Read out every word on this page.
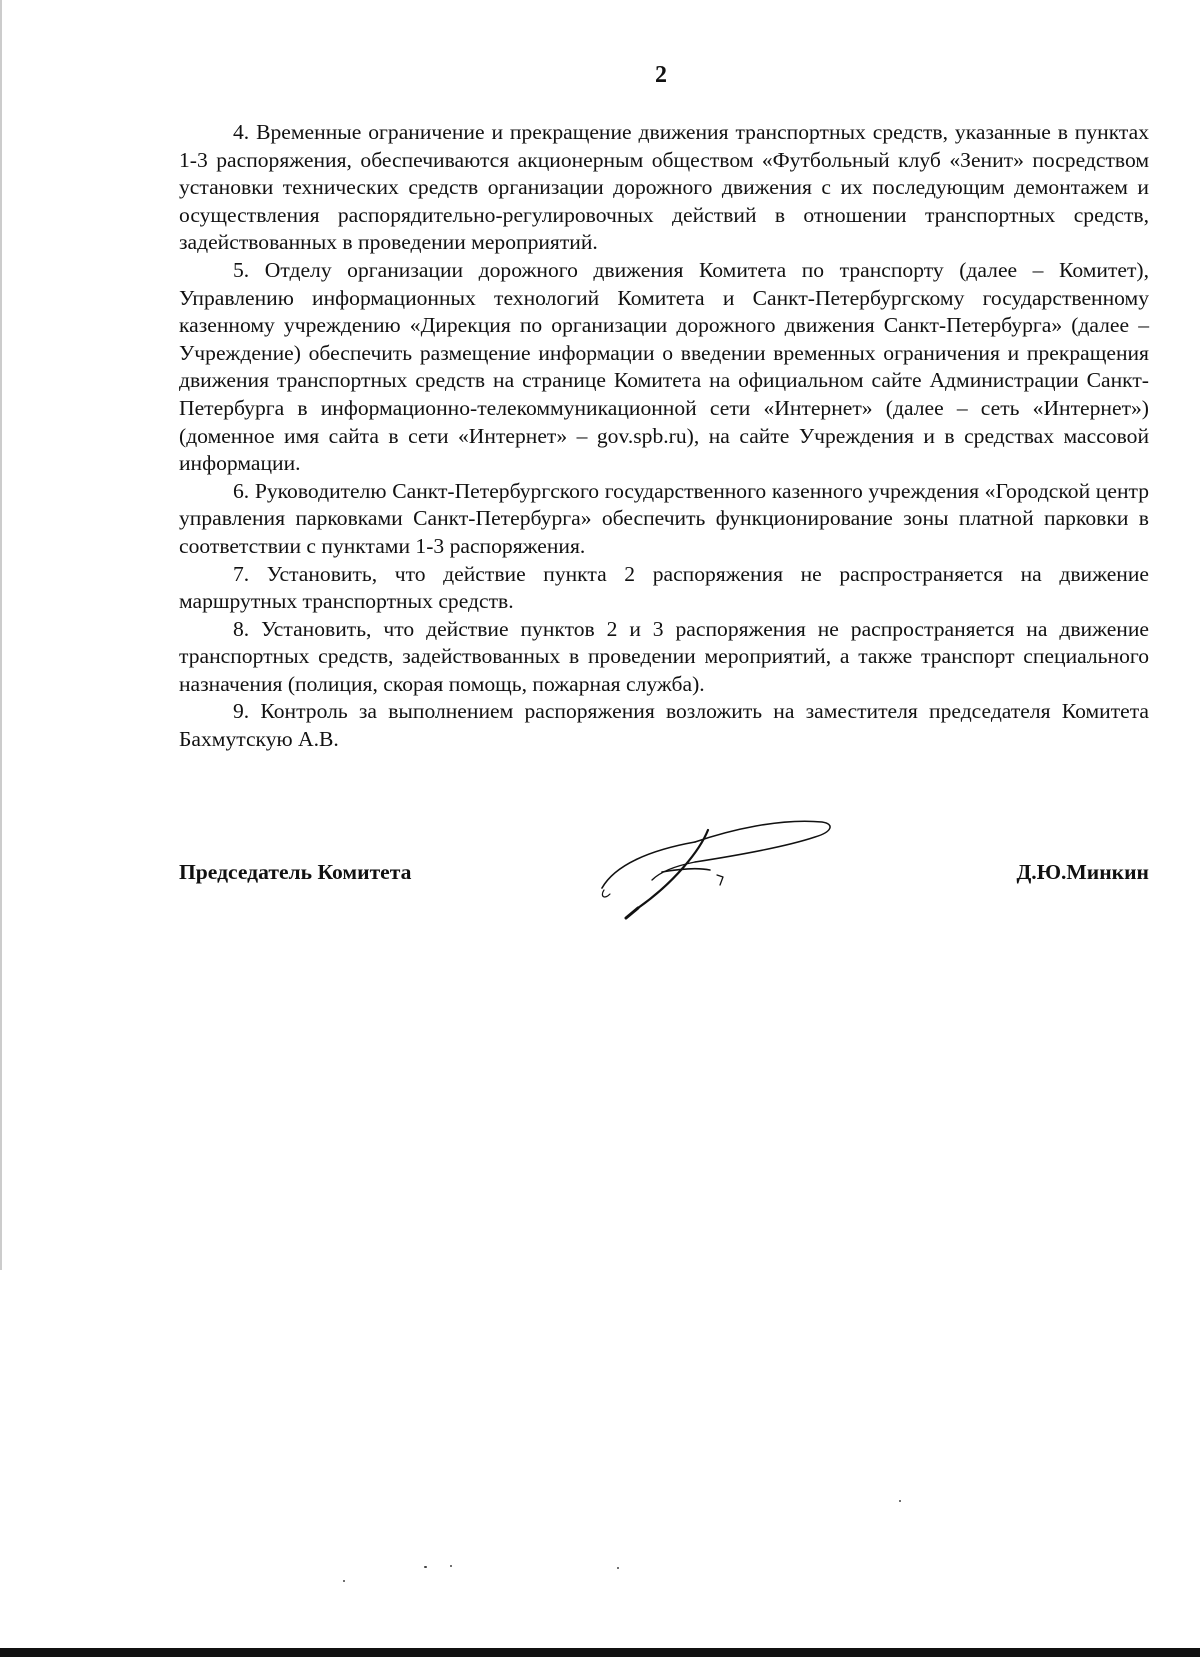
2

4. Временные ограничение и прекращение движения транспортных средств, указанные в пунктах 1-3 распоряжения, обеспечиваются акционерным обществом «Футбольный клуб «Зенит» посредством установки технических средств организации дорожного движения с их последующим демонтажем и осуществления распорядительно-регулировочных действий в отношении транспортных средств, задействованных в проведении мероприятий.

5. Отделу организации дорожного движения Комитета по транспорту (далее – Комитет), Управлению информационных технологий Комитета и Санкт-Петербургскому государственному казенному учреждению «Дирекция по организации дорожного движения Санкт-Петербурга» (далее – Учреждение) обеспечить размещение информации о введении временных ограничения и прекращения движения транспортных средств на странице Комитета на официальном сайте Администрации Санкт-Петербурга в информационно-телекоммуникационной сети «Интернет» (далее – сеть «Интернет») (доменное имя сайта в сети «Интернет» – gov.spb.ru), на сайте Учреждения и в средствах массовой информации.

6. Руководителю Санкт-Петербургского государственного казенного учреждения «Городской центр управления парковками Санкт-Петербурга» обеспечить функционирование зоны платной парковки в соответствии с пунктами 1-3 распоряжения.

7. Установить, что действие пункта 2 распоряжения не распространяется на движение маршрутных транспортных средств.

8. Установить, что действие пунктов 2 и 3 распоряжения не распространяется на движение транспортных средств, задействованных в проведении мероприятий, а также транспорт специального назначения (полиция, скорая помощь, пожарная служба).

9. Контроль за выполнением распоряжения возложить на заместителя председателя Комитета Бахмутскую А.В.

Председатель Комитета	Д.Ю.Минкин
